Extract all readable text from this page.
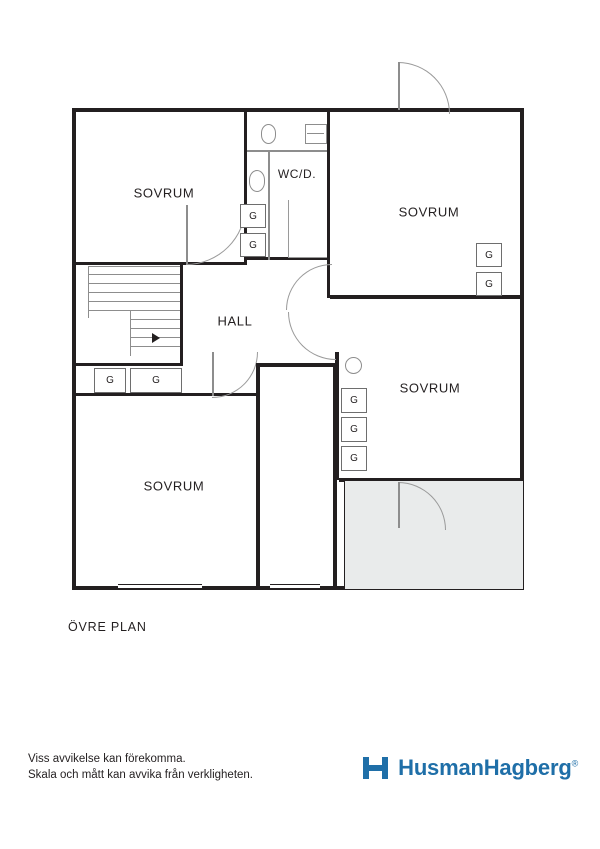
SOVRUM
WC/D.
SOVRUM
HALL
SOVRUM
SOVRUM
G
G
G
G
G	G
G
G
G
ÖVRE PLAN
Viss avvikelse kan förekomma.
Skala och mått kan avvika från verkligheten.	HusmanHagberg®
